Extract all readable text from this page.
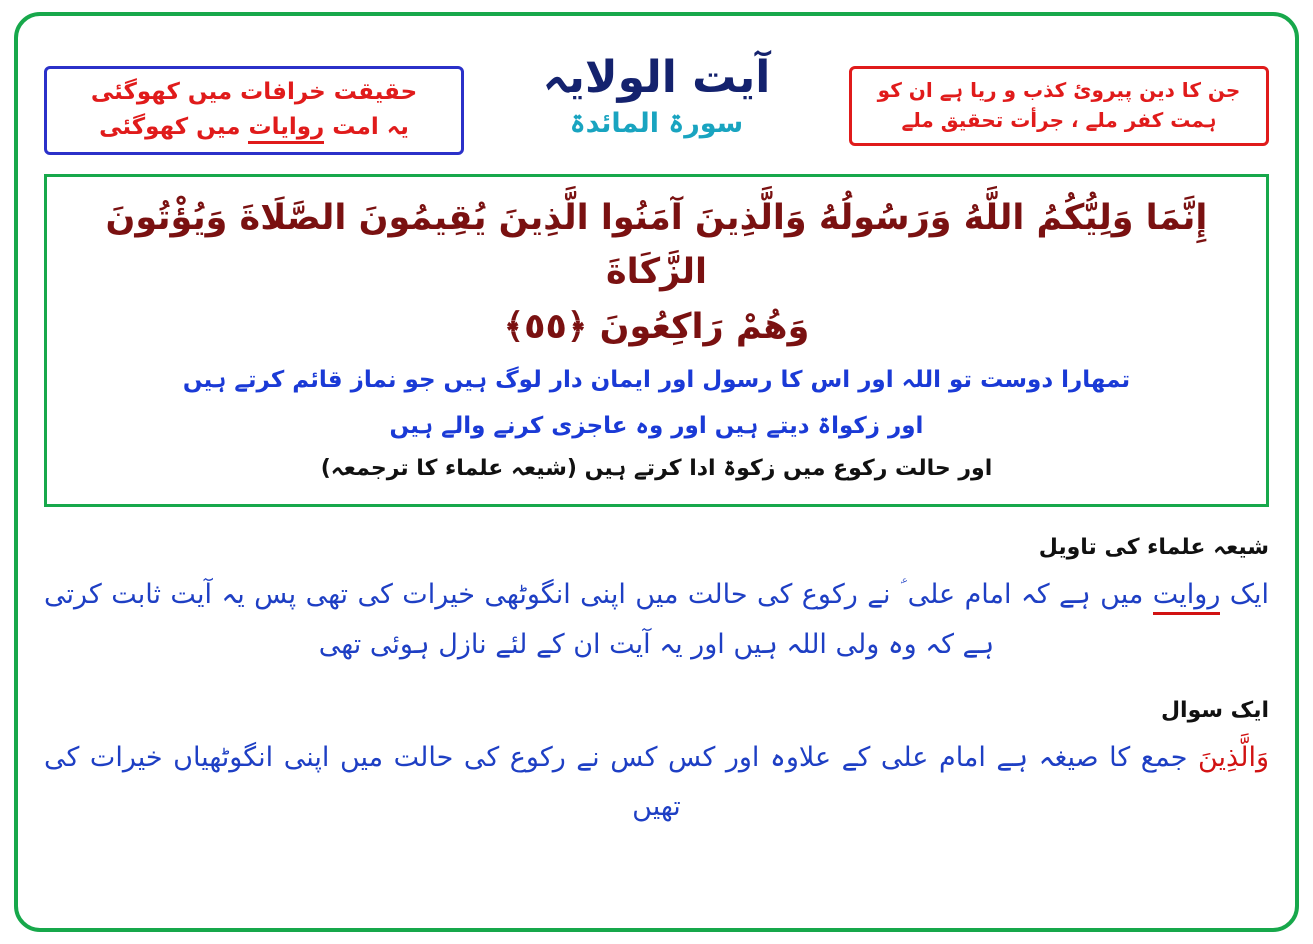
جن کا دین پیروئ کذب و ریا ہے ان کو
ہمت کفر ملے ، جرأت تحقیق ملے
آیت الولایہ
سورۃ المائدۃ
حقیقت خرافات میں کھوگئی
یہ امت روایات میں کھوگئی
إِنَّمَا وَلِيُّكُمُ اللَّهُ وَرَسُولُهُ وَالَّذِينَ آمَنُوا الَّذِينَ يُقِيمُونَ الصَّلَاةَ وَيُؤْتُونَ الزَّكَاةَ
وَهُمْ رَاكِعُونَ ﴿٥٥﴾
تمھارا دوست تو اللہ اور اس کا رسول اور ایمان دار لوگ ہیں جو نماز قائم کرتے ہیں
اور زکواۃ دیتے ہیں اور وہ عاجزی کرنے والے ہیں
اور حالت رکوع میں زکوۃ ادا کرتے ہیں (شیعہ علماء کا ترجمعہ)
شیعہ علماء کی تاویل
ایک روایت میں ہے کہ امام علی ؑ نے رکوع کی حالت میں اپنی انگوٹھی خیرات کی تھی پس یہ آیت ثابت کرتی ہے کہ وہ ولی اللہ ہیں اور یہ آیت ان کے لئے نازل ہوئی تھی
ایک سوال
وَالَّذِينَ جمع کا صیغہ ہے امام علی کے علاوہ اور کس کس نے رکوع کی حالت میں اپنی انگوٹھیاں خیرات کی تھیں
